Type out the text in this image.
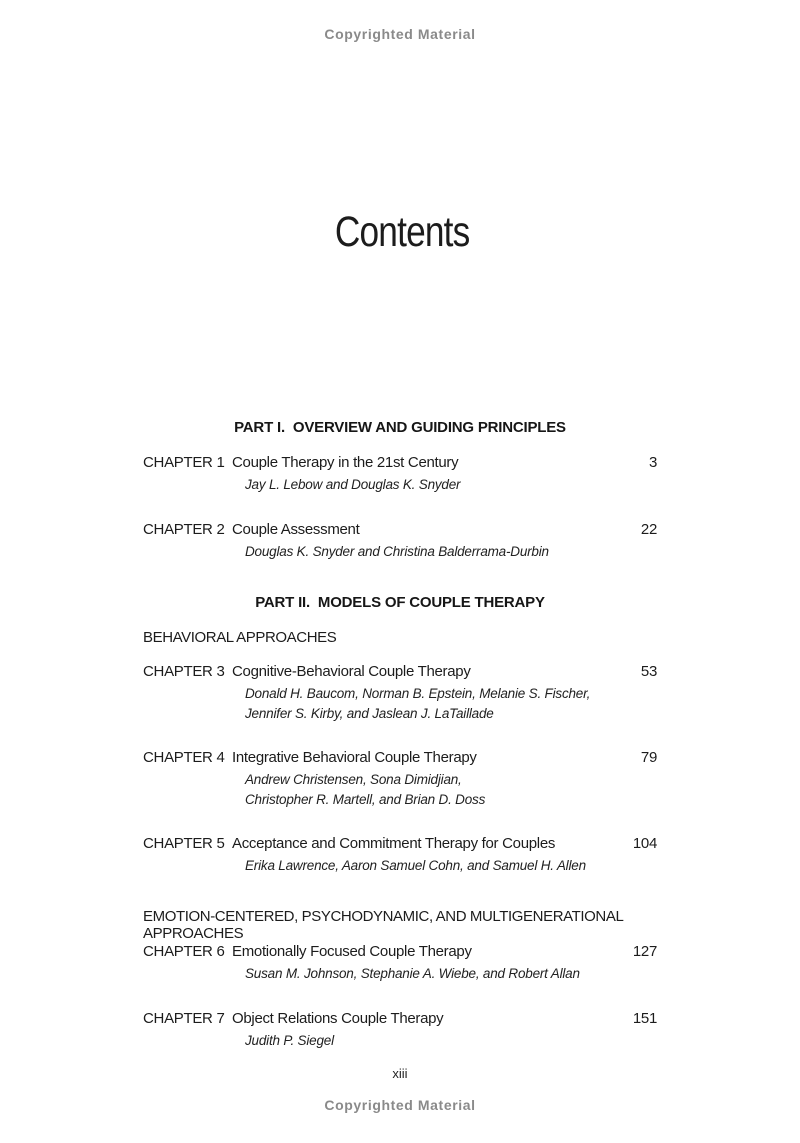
Copyrighted Material
Contents
PART I.  OVERVIEW AND GUIDING PRINCIPLES
CHAPTER 1 Couple Therapy in the 21st Century	3
Jay L. Lebow and Douglas K. Snyder
CHAPTER 2 Couple Assessment	22
Douglas K. Snyder and Christina Balderrama-Durbin
PART II.  MODELS OF COUPLE THERAPY
BEHAVIORAL APPROACHES
CHAPTER 3 Cognitive-Behavioral Couple Therapy	53
Donald H. Baucom, Norman B. Epstein, Melanie S. Fischer,
Jennifer S. Kirby, and Jaslean J. LaTaillade
CHAPTER 4 Integrative Behavioral Couple Therapy	79
Andrew Christensen, Sona Dimidjian,
Christopher R. Martell, and Brian D. Doss
CHAPTER 5 Acceptance and Commitment Therapy for Couples	104
Erika Lawrence, Aaron Samuel Cohn, and Samuel H. Allen
EMOTION-CENTERED, PSYCHODYNAMIC, AND MULTIGENERATIONAL APPROACHES
CHAPTER 6 Emotionally Focused Couple Therapy	127
Susan M. Johnson, Stephanie A. Wiebe, and Robert Allan
CHAPTER 7 Object Relations Couple Therapy	151
Judith P. Siegel
xiii
Copyrighted Material
